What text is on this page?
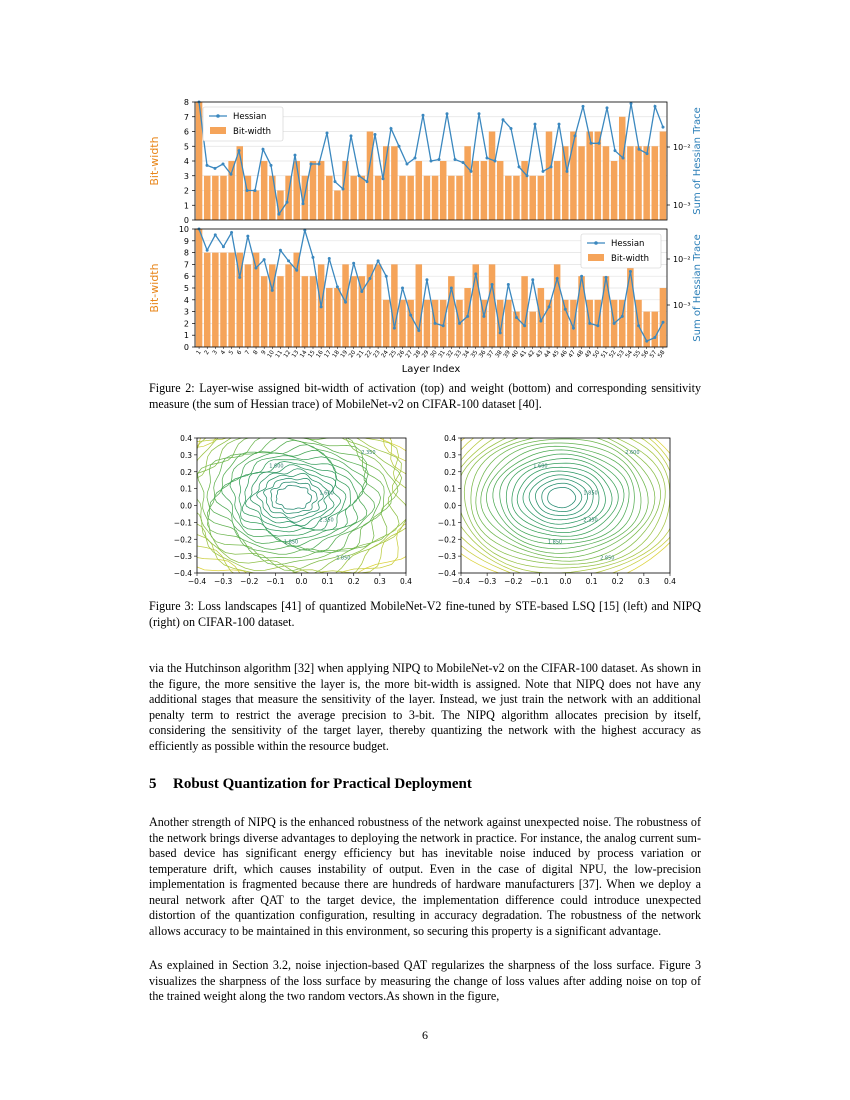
0
1
2
3
4
5
6
7
8
10⁻²
10⁻³
Bit-width	Sum of Hessian Trace
Hessian
Bit-width
0
1
2
3
4
5
6
7
8
9
10
10⁻²
10⁻³
Bit-width	Sum of Hessian Trace
Hessian
Bit-width
1 2 3 4 5 6 7 8 9
10
11
12
13
14
15
16
17
18
19
20
21
22
23
24
25
26
27
28
29
30
31
32
33
34
35
36
37
38
39
40
41
42
43
44
45
46
47
48
49
50
51
52
53
54
55
56
57
58
Layer Index
Figure 2: Layer-wise assigned bit-width of activation (top) and weight (bottom) and corresponding sensitivity measure (the sum of Hessian trace) of MobileNet-v2 on CIFAR-100 dataset [40].
1.600
1.600
2.350
2.350
1.850
2.850
−0.4
−0.4
−0.3
−0.3
−0.2
−0.2
−0.1
−0.1
0.0
0.0
0.1
0.1
0.2
0.2
0.3
0.3
0.4
0.4
1.600
1.850
2.350
2.600
1.850
2.850
−0.4
−0.4
−0.3
−0.3
−0.2
−0.2
−0.1
−0.1
0.0
0.0
0.1
0.1
0.2
0.2
0.3
0.3
0.4
0.4
Figure 3: Loss landscapes [41] of quantized MobileNet-V2 fine-tuned by STE-based LSQ [15] (left) and NIPQ (right) on CIFAR-100 dataset.
via the Hutchinson algorithm [32] when applying NIPQ to MobileNet-v2 on the CIFAR-100 dataset. As shown in the figure, the more sensitive the layer is, the more bit-width is assigned. Note that NIPQ does not have any additional stages that measure the sensitivity of the layer. Instead, we just train the network with an additional penalty term to restrict the average precision to 3-bit. The NIPQ algorithm allocates precision by itself, considering the sensitivity of the target layer, thereby quantizing the network with the highest accuracy as efficiently as possible within the resource budget.
5 Robust Quantization for Practical Deployment
Another strength of NIPQ is the enhanced robustness of the network against unexpected noise. The robustness of the network brings diverse advantages to deploying the network in practice. For instance, the analog current sum-based device has significant energy efficiency but has inevitable noise induced by process variation or temperature drift, which causes instability of output. Even in the case of digital NPU, the low-precision implementation is fragmented because there are hundreds of hardware manufacturers [37]. When we deploy a neural network after QAT to the target device, the implementation difference could introduce unexpected distortion of the quantization configuration, resulting in accuracy degradation. The robustness of the network allows accuracy to be maintained in this environment, so securing this property is a significant advantage.
As explained in Section 3.2, noise injection-based QAT regularizes the sharpness of the loss surface. Figure 3 visualizes the sharpness of the loss surface by measuring the change of loss values after adding noise on top of the trained weight along the two random vectors.As shown in the figure,
6
